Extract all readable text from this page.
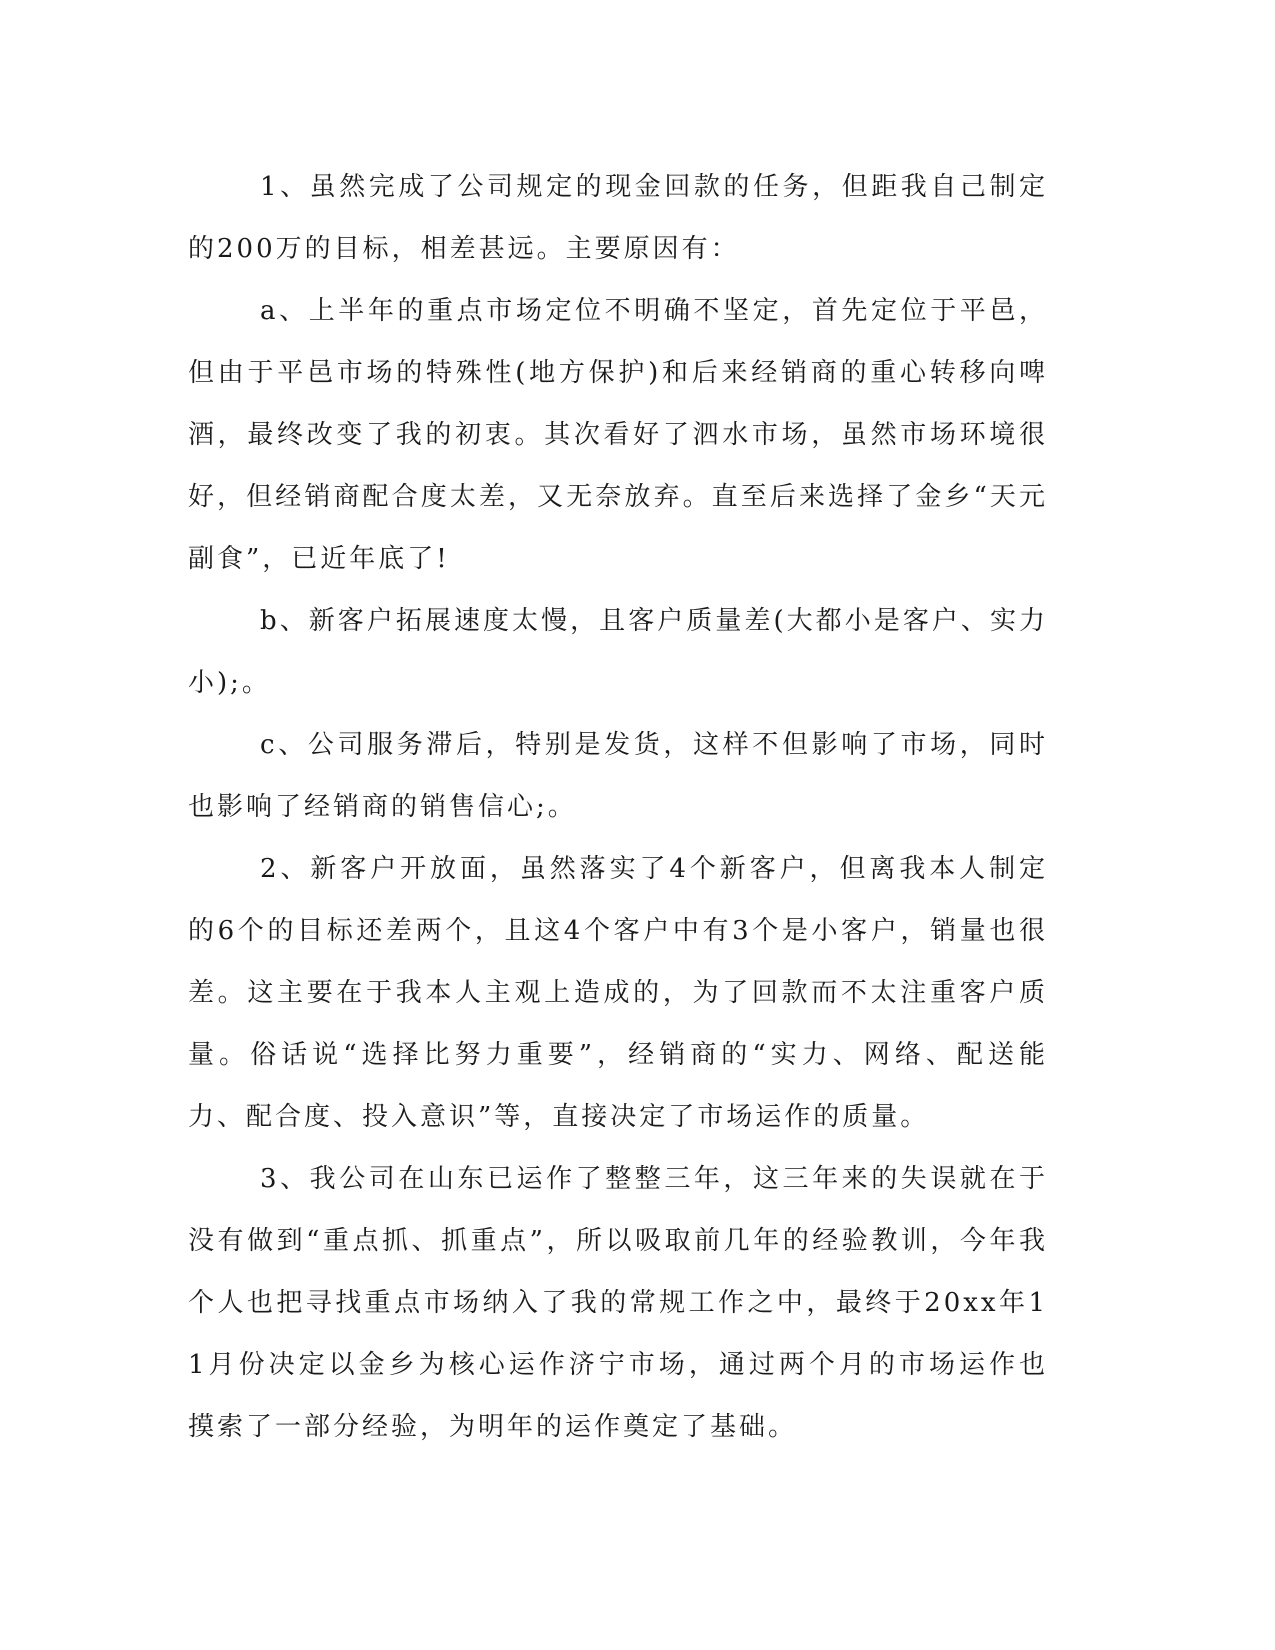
1、虽然完成了公司规定的现金回款的任务，但距我自己制定的200万的目标，相差甚远。主要原因有：

a、上半年的重点市场定位不明确不坚定，首先定位于平邑，但由于平邑市场的特殊性(地方保护)和后来经销商的重心转移向啤酒，最终改变了我的初衷。其次看好了泗水市场，虽然市场环境很好，但经销商配合度太差，又无奈放弃。直至后来选择了金乡“天元副食”，已近年底了!

b、新客户拓展速度太慢，且客户质量差(大都小是客户、实力小);。

c、公司服务滞后，特别是发货，这样不但影响了市场，同时也影响了经销商的销售信心;。

2、新客户开放面，虽然落实了4个新客户，但离我本人制定的6个的目标还差两个，且这4个客户中有3个是小客户，销量也很差。这主要在于我本人主观上造成的，为了回款而不太注重客户质量。俗话说“选择比努力重要”，经销商的“实力、网络、配送能力、配合度、投入意识”等，直接决定了市场运作的质量。

3、我公司在山东已运作了整整三年，这三年来的失误就在于没有做到“重点抓、抓重点”，所以吸取前几年的经验教训，今年我个人也把寻找重点市场纳入了我的常规工作之中，最终于20xx年11月份决定以金乡为核心运作济宁市场，通过两个月的市场运作也摸索了一部分经验，为明年的运作奠定了基础。
